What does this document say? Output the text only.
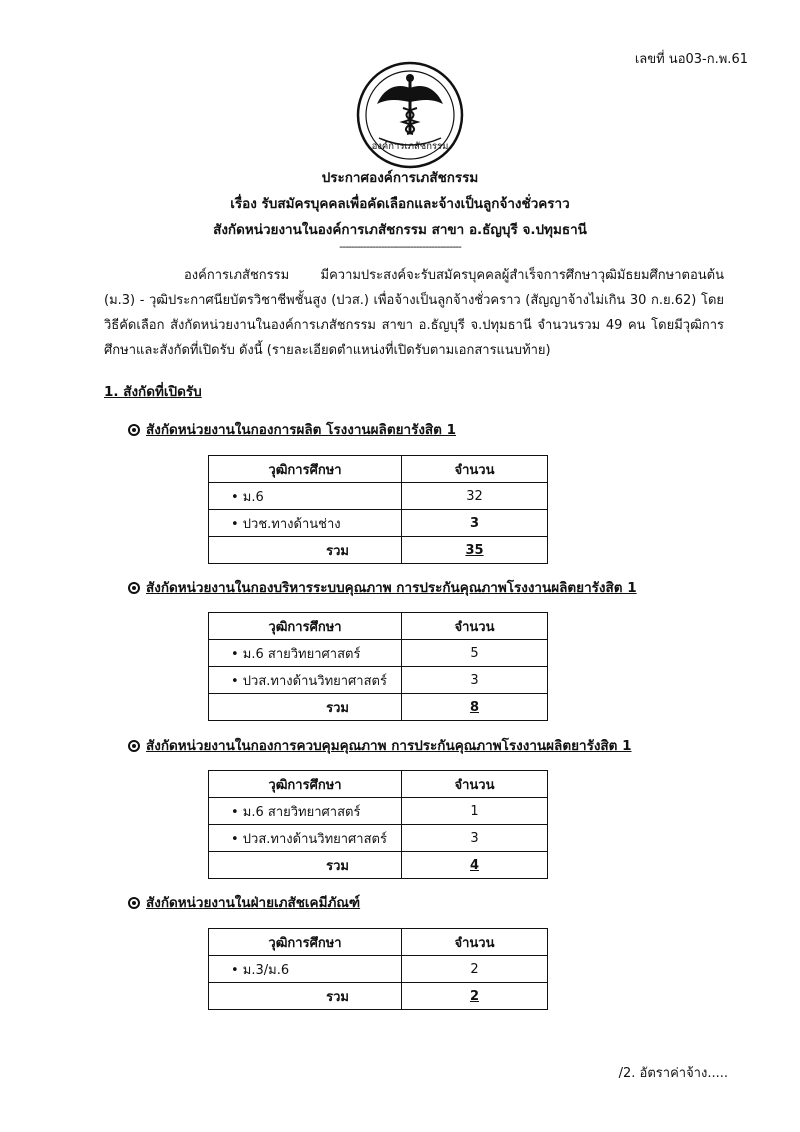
เลขที่ นอ03-ก.พ.61
องค์การเภสัชกรรม
ประกาศองค์การเภสัชกรรม
เรื่อง รับสมัครบุคคลเพื่อคัดเลือกและจ้างเป็นลูกจ้างชั่วคราว
สังกัดหน่วยงานในองค์การเภสัชกรรม สาขา อ.ธัญบุรี จ.ปทุมธานี
-----------------------------------------

องค์การเภสัชกรรม มีความประสงค์จะรับสมัครบุคคลผู้สำเร็จการศึกษาวุฒิมัธยมศึกษาตอนต้น (ม.3) - วุฒิประกาศนียบัตรวิชาชีพชั้นสูง (ปวส.) เพื่อจ้างเป็นลูกจ้างชั่วคราว (สัญญาจ้างไม่เกิน 30 ก.ย.62) โดยวิธีคัดเลือก สังกัดหน่วยงานในองค์การเภสัชกรรม สาขา อ.ธัญบุรี จ.ปทุมธานี จำนวนรวม 49 คน โดยมีวุฒิการศึกษาและสังกัดที่เปิดรับ ดังนี้ (รายละเอียดตำแหน่งที่เปิดรับตามเอกสารแนบท้าย)

1. สังกัดที่เปิดรับ
สังกัดหน่วยงานในกองการผลิต โรงงานผลิตยารังสิต 1
วุฒิการศึกษา	จำนวน
• ม.6	32
• ปวช.ทางด้านช่าง	3
รวม	35
สังกัดหน่วยงานในกองบริหารระบบคุณภาพ การประกันคุณภาพโรงงานผลิตยารังสิต 1
วุฒิการศึกษา	จำนวน
• ม.6 สายวิทยาศาสตร์	5
• ปวส.ทางด้านวิทยาศาสตร์	3
รวม	8
สังกัดหน่วยงานในกองการควบคุมคุณภาพ การประกันคุณภาพโรงงานผลิตยารังสิต 1
วุฒิการศึกษา	จำนวน
• ม.6 สายวิทยาศาสตร์	1
• ปวส.ทางด้านวิทยาศาสตร์	3
รวม	4
สังกัดหน่วยงานในฝ่ายเภสัชเคมีภัณฑ์
วุฒิการศึกษา	จำนวน
• ม.3/ม.6	2
รวม	2
/2. อัตราค่าจ้าง.....
